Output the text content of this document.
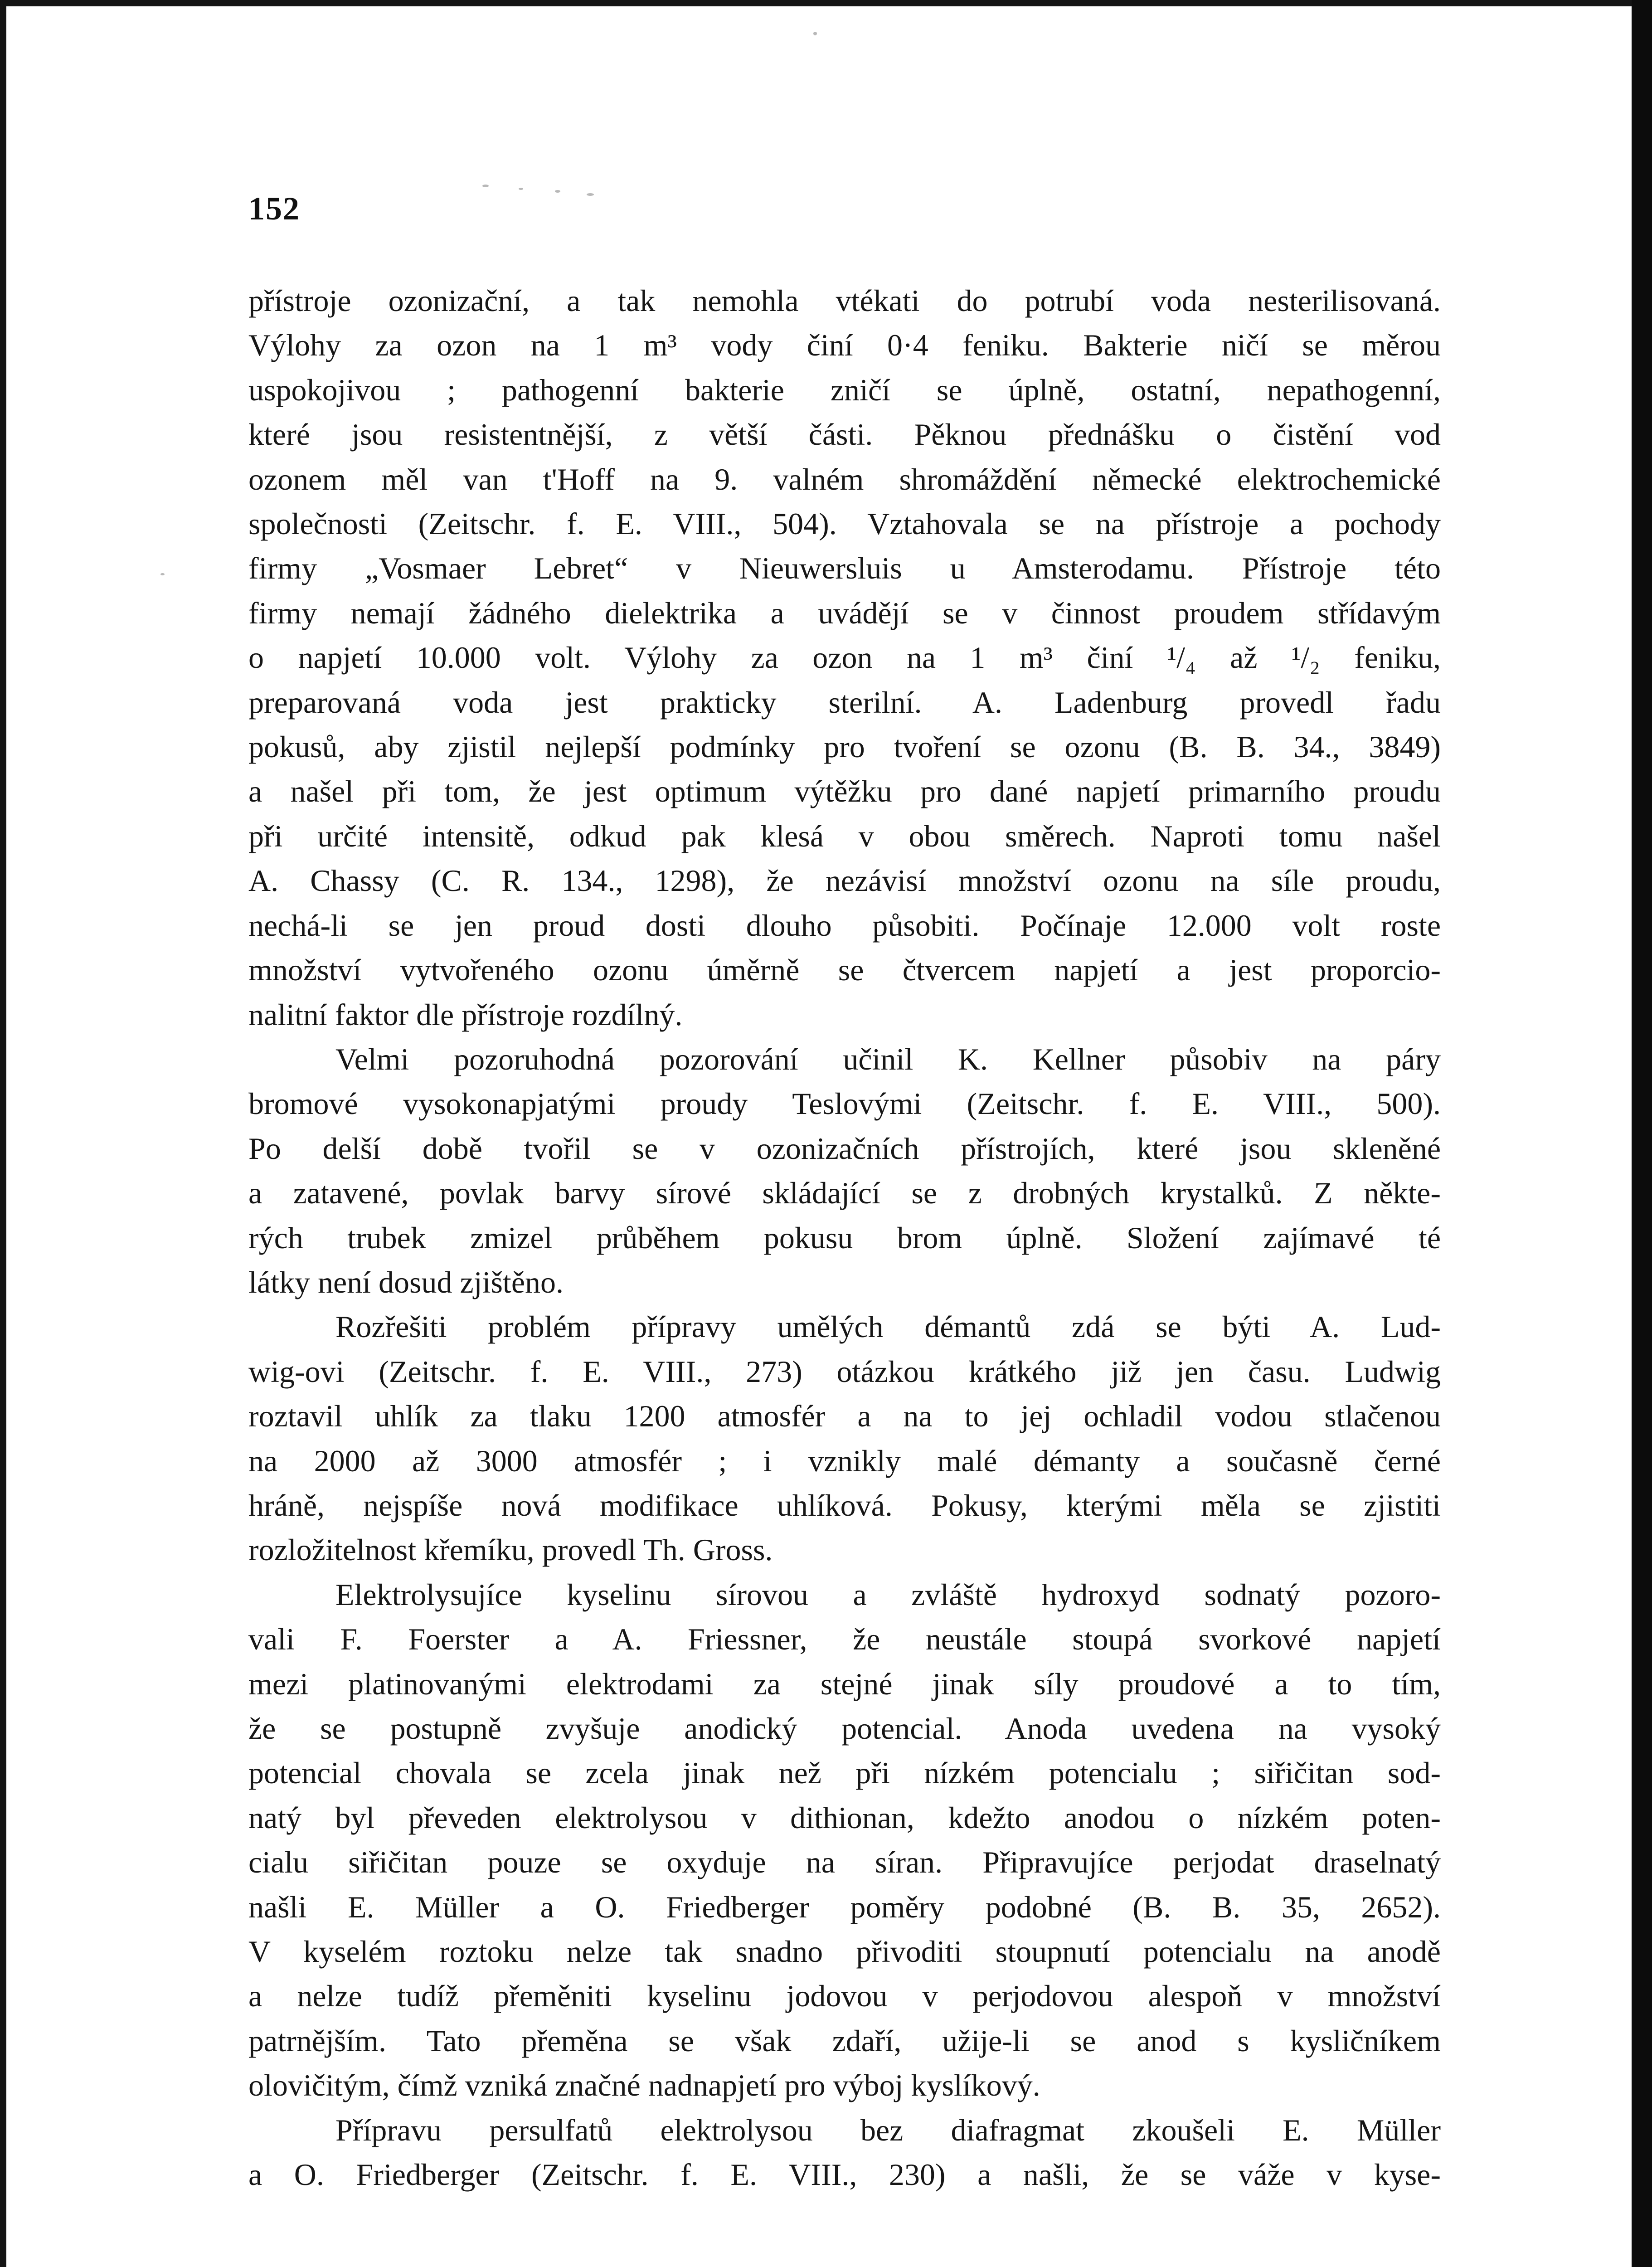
152

přístroje ozonizační, a tak nemohla vtékati do potrubí voda nesterilisovaná.
Výlohy za ozon na 1 m³ vody činí 0·4 feniku. Bakterie ničí se měrou
uspokojivou ; pathogenní bakterie zničí se úplně, ostatní, nepathogenní,
které jsou resistentnější, z větší části. Pěknou přednášku o čistění vod
ozonem měl van t'Hoff na 9. valném shromáždění německé elektrochemické
společnosti (Zeitschr. f. E. VIII., 504). Vztahovala se na přístroje a pochody
firmy „Vosmaer Lebret“ v Nieuwersluis u Amsterodamu. Přístroje této
firmy nemají žádného dielektrika a uvádějí se v činnost proudem střídavým
o napjetí 10.000 volt. Výlohy za ozon na 1 m³ činí ¹/₄ až ¹/₂ feniku,
preparovaná voda jest prakticky sterilní. A. Ladenburg provedl řadu
pokusů, aby zjistil nejlepší podmínky pro tvoření se ozonu (B. B. 34., 3849)
a našel při tom, že jest optimum výtěžku pro dané napjetí primarního proudu
při určité intensitě, odkud pak klesá v obou směrech. Naproti tomu našel
A. Chassy (C. R. 134., 1298), že nezávisí množství ozonu na síle proudu,
nechá-li se jen proud dosti dlouho působiti. Počínaje 12.000 volt roste
množství vytvořeného ozonu úměrně se čtvercem napjetí a jest proporcio-
nalitní faktor dle přístroje rozdílný.

Velmi pozoruhodná pozorování učinil K. Kellner působiv na páry
bromové vysokonapjatými proudy Teslovými (Zeitschr. f. E. VIII., 500).
Po delší době tvořil se v ozonizačních přístrojích, které jsou skleněné
a zatavené, povlak barvy sírové skládající se z drobných krystalků. Z někte-
rých trubek zmizel průběhem pokusu brom úplně. Složení zajímavé té
látky není dosud zjištěno.

Rozřešiti problém přípravy umělých démantů zdá se býti A. Lud-
wig-ovi (Zeitschr. f. E. VIII., 273) otázkou krátkého již jen času. Ludwig
roztavil uhlík za tlaku 1200 atmosfér a na to jej ochladil vodou stlačenou
na 2000 až 3000 atmosfér ; i vznikly malé démanty a současně černé
hráně, nejspíše nová modifikace uhlíková. Pokusy, kterými měla se zjistiti
rozložitelnost křemíku, provedl Th. Gross.

Elektrolysujíce kyselinu sírovou a zvláště hydroxyd sodnatý pozoro-
vali F. Foerster a A. Friessner, že neustále stoupá svorkové napjetí
mezi platinovanými elektrodami za stejné jinak síly proudové a to tím,
že se postupně zvyšuje anodický potencial. Anoda uvedena na vysoký
potencial chovala se zcela jinak než při nízkém potencialu ; siřičitan sod-
natý byl převeden elektrolysou v dithionan, kdežto anodou o nízkém poten-
cialu siřičitan pouze se oxyduje na síran. Připravujíce perjodat draselnatý
našli E. Müller a O. Friedberger poměry podobné (B. B. 35, 2652).
V kyselém roztoku nelze tak snadno přivoditi stoupnutí potencialu na anodě
a nelze tudíž přeměniti kyselinu jodovou v perjodovou alespoň v množství
patrnějším. Tato přeměna se však zdaří, užije-li se anod s kysličníkem
olovičitým, čímž vzniká značné nadnapjetí pro výboj kyslíkový.

Přípravu persulfatů elektrolysou bez diafragmat zkoušeli E. Müller
a O. Friedberger (Zeitschr. f. E. VIII., 230) a našli, že se váže v kyse-
